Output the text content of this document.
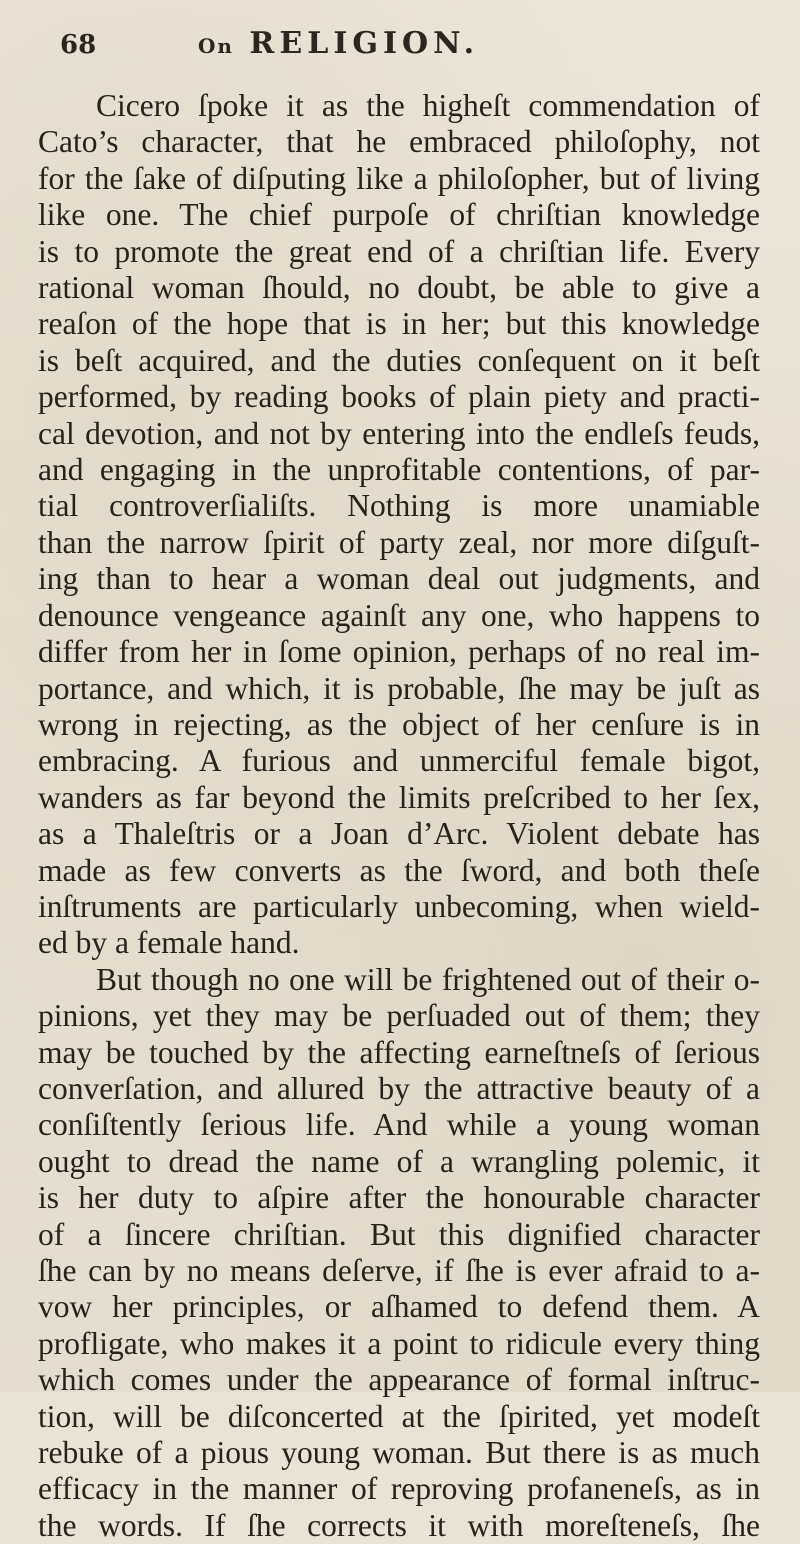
68	On RELIGION.
Cicero ſpoke it as the higheſt commendation of
Cato’s character, that he embraced philoſophy, not
for the ſake of diſputing like a philoſopher, but of living
like one. The chief purpoſe of chriſtian knowledge
is to promote the great end of a chriſtian life. Every
rational woman ſhould, no doubt, be able to give a
reaſon of the hope that is in her; but this knowledge
is beſt acquired, and the duties conſequent on it beſt
performed, by reading books of plain piety and practi-
cal devotion, and not by entering into the endleſs feuds,
and engaging in the unprofitable contentions, of par-
tial controverſialiſts. Nothing is more unamiable
than the narrow ſpirit of party zeal, nor more diſguſt-
ing than to hear a woman deal out judgments, and
denounce vengeance againſt any one, who happens to
differ from her in ſome opinion, perhaps of no real im-
portance, and which, it is probable, ſhe may be juſt as
wrong in rejecting, as the object of her cenſure is in
embracing. A furious and unmerciful female bigot,
wanders as far beyond the limits preſcribed to her ſex,
as a Thaleſtris or a Joan d’Arc. Violent debate has
made as few converts as the ſword, and both theſe
inſtruments are particularly unbecoming, when wield-
ed by a female hand.
But though no one will be frightened out of their o-
pinions, yet they may be perſuaded out of them; they
may be touched by the affecting earneſtneſs of ſerious
converſation, and allured by the attractive beauty of a
conſiſtently ſerious life. And while a young woman
ought to dread the name of a wrangling polemic, it
is her duty to aſpire after the honourable character
of a ſincere chriſtian. But this dignified character
ſhe can by no means deſerve, if ſhe is ever afraid to a-
vow her principles, or aſhamed to defend them. A
profligate, who makes it a point to ridicule every thing
which comes under the appearance of formal inſtruc-
tion, will be diſconcerted at the ſpirited, yet modeſt
rebuke of a pious young woman. But there is as much
efficacy in the manner of reproving profaneneſs, as in
the words. If ſhe corrects it with moreſteneſs, ſhe
